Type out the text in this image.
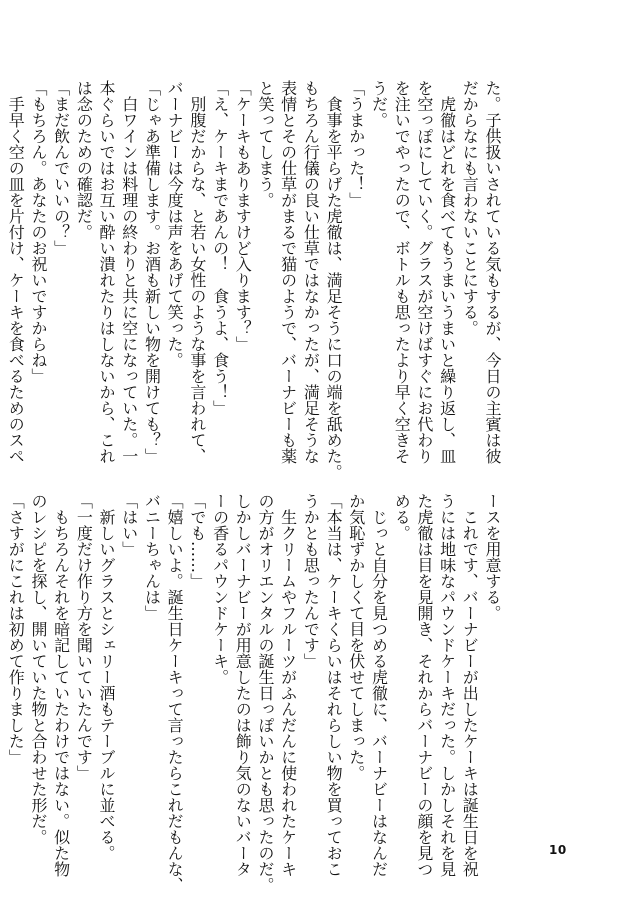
た。子供扱いされている気もするが、今日の主賓は彼
だからなにも言わないことにする。
　虎徹はどれを食べてもうまいうまいと繰り返し、皿
を空っぽにしていく。グラスが空けばすぐにお代わり
を注いでやったので、ボトルも思ったより早く空きそ
うだ。
「うまかった！」
　食事を平らげた虎徹は、満足そうに口の端を舐めた。
もちろん行儀の良い仕草ではなかったが、満足そうな
表情とその仕草がまるで猫のようで、バーナビーも薬
と笑ってしまう。
「ケーキもありますけど入ります？」
「え、ケーキまであんの！　食うよ、食う！」
　別腹だからな、と若い女性のような事を言われて、
バーナビーは今度は声をあげて笑った。
「じゃあ準備します。お酒も新しい物を開けても？」
　白ワインは料理の終わりと共に空になっていた。一
本ぐらいではお互い酔い潰れたりはしないから、これ
は念のための確認だ。
「まだ飲んでいいの？」
「もちろん。あなたのお祝いですからね」
　手早く空の皿を片付け、ケーキを食べるためのスペ
ースを用意する。
　これです、バーナビーが出したケーキは誕生日を祝
うには地味なパウンドケーキだった。しかしそれを見
た虎徹は目を見開き、それからバーナビーの顔を見つ
める。
　じっと自分を見つめる虎徹に、バーナビーはなんだ
か気恥ずかしくて目を伏せてしまった。
「本当は、ケーキくらいはそれらしい物を買っておこ
うかとも思ったんです」
　生クリームやフルーツがふんだんに使われたケーキ
の方がオリエンタルの誕生日っぽいかとも思ったのだ。
しかしバーナビーが用意したのは飾り気のないバータ
ーの香るパウンドケーキ。
「でも……」
「嬉しいよ。誕生日ケーキって言ったらこれだもんな、
バニーちゃんは」
「はい」
　新しいグラスとシェリー酒もテーブルに並べる。
「一度だけ作り方を聞いていたんです」
　もちろんそれを暗記していたわけではない。似た物
のレシピを探し、開いていた物と合わせた形だ。
「さすがにこれは初めて作りました」
10
